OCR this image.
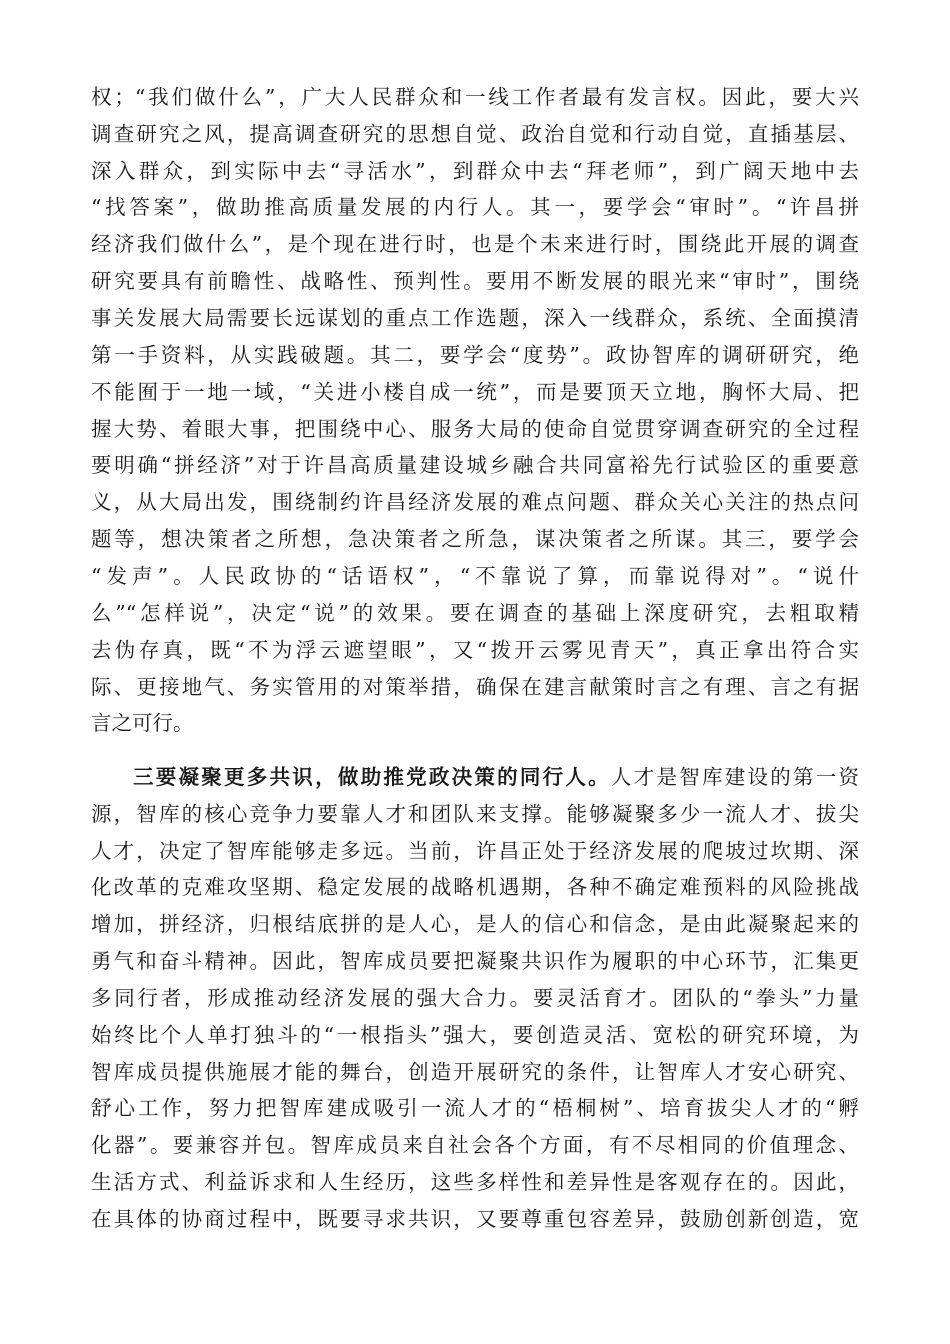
权；“我们做什么”，广大人民群众和一线工作者最有发言权。因此，要大兴
调查研究之风，提高调查研究的思想自觉、政治自觉和行动自觉，直插基层、
深入群众，到实际中去“寻活水”，到群众中去“拜老师”，到广阔天地中去
“找答案”，做助推高质量发展的内行人。其一，要学会“审时”。“许昌拼
经济我们做什么”，是个现在进行时，也是个未来进行时，围绕此开展的调查
研究要具有前瞻性、战略性、预判性。要用不断发展的眼光来“审时”，围绕
事关发展大局需要长远谋划的重点工作选题，深入一线群众，系统、全面摸清
第一手资料，从实践破题。其二，要学会“度势”。政协智库的调研研究，绝
不能囿于一地一域，“关进小楼自成一统”，而是要顶天立地，胸怀大局、把
握大势、着眼大事，把围绕中心、服务大局的使命自觉贯穿调查研究的全过程
要明确“拼经济”对于许昌高质量建设城乡融合共同富裕先行试验区的重要意
义，从大局出发，围绕制约许昌经济发展的难点问题、群众关心关注的热点问
题等，想决策者之所想，急决策者之所急，谋决策者之所谋。其三，要学会
“发声”。人民政协的“话语权”，“不靠说了算，而靠说得对”。“说什
么”“怎样说”，决定“说”的效果。要在调查的基础上深度研究，去粗取精
去伪存真，既“不为浮云遮望眼”，又“拨开云雾见青天”，真正拿出符合实
际、更接地气、务实管用的对策举措，确保在建言献策时言之有理、言之有据
言之可行。
三要凝聚更多共识，做助推党政决策的同行人。人才是智库建设的第一资
源，智库的核心竞争力要靠人才和团队来支撑。能够凝聚多少一流人才、拔尖
人才，决定了智库能够走多远。当前，许昌正处于经济发展的爬坡过坎期、深
化改革的克难攻坚期、稳定发展的战略机遇期，各种不确定难预料的风险挑战
增加，拼经济，归根结底拼的是人心，是人的信心和信念，是由此凝聚起来的
勇气和奋斗精神。因此，智库成员要把凝聚共识作为履职的中心环节，汇集更
多同行者，形成推动经济发展的强大合力。要灵活育才。团队的“拳头”力量
始终比个人单打独斗的“一根指头”强大，要创造灵活、宽松的研究环境，为
智库成员提供施展才能的舞台，创造开展研究的条件，让智库人才安心研究、
舒心工作，努力把智库建成吸引一流人才的“梧桐树”、培育拔尖人才的“孵
化器”。要兼容并包。智库成员来自社会各个方面，有不尽相同的价值理念、
生活方式、利益诉求和人生经历，这些多样性和差异性是客观存在的。因此，
在具体的协商过程中，既要寻求共识，又要尊重包容差异，鼓励创新创造，宽
